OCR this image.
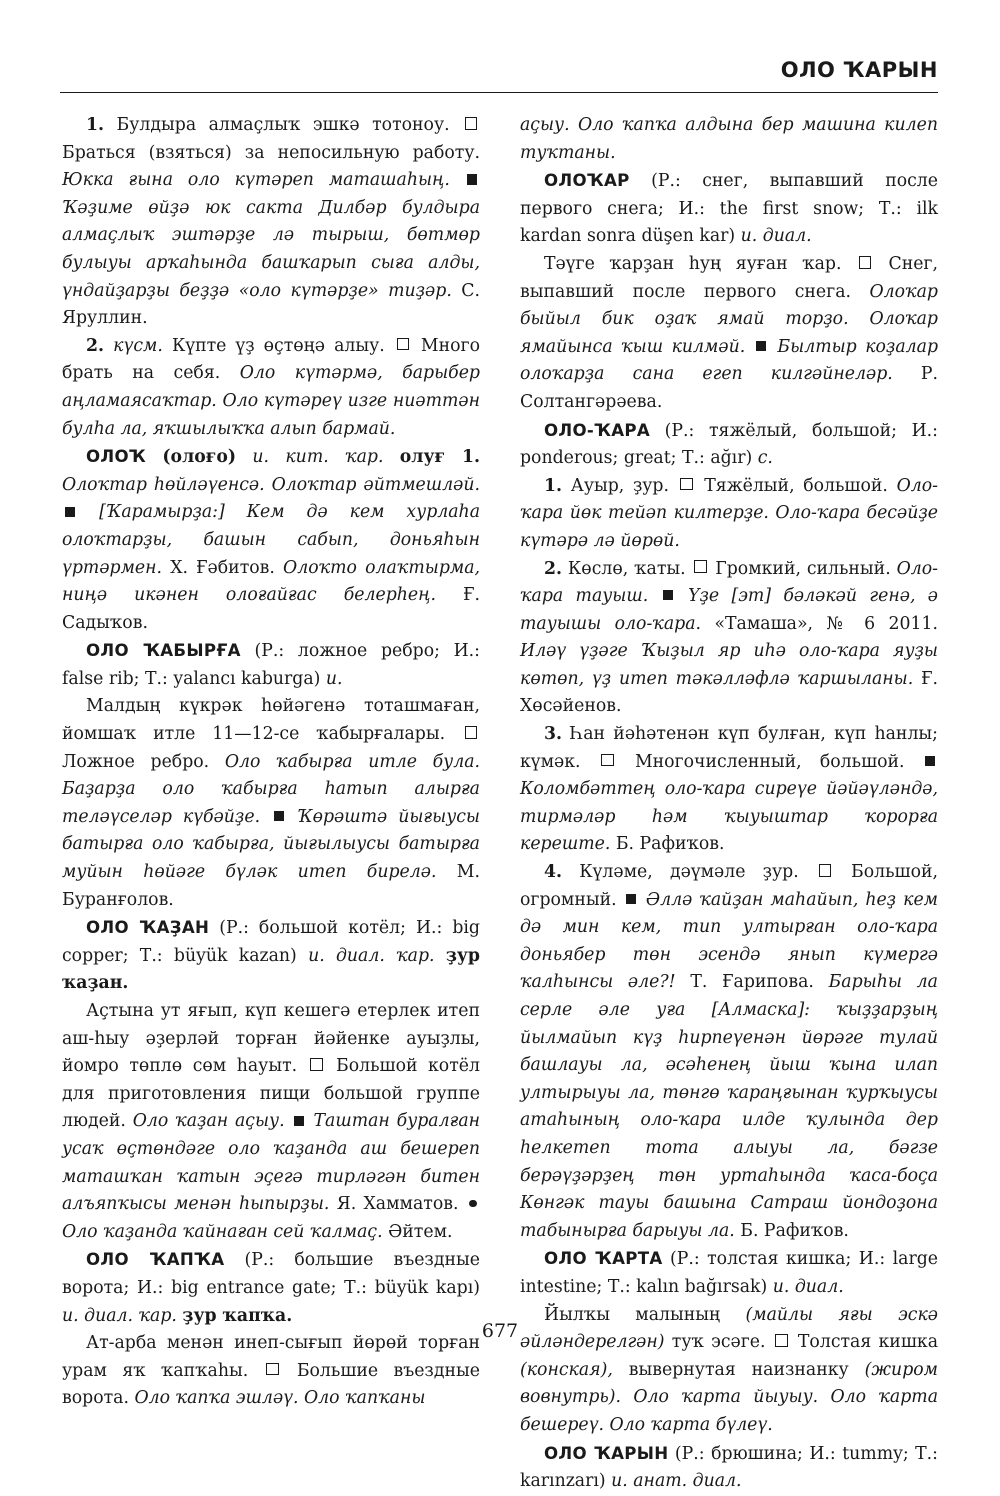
ОЛО ҠАРЫН

1. Булдыра алмаҫлыҡ эшкә тотоноу.  Браться (взяться) за непосильную работу. Юкка ғына оло күтәреп маташаһың.  Ҡәҙиме өйҙә юк сакта Дилбәр булдыра алмаҫлыҡ эштәрҙе лә тырыш, бөтмөр булыуы арҡаһында башҡарып сыға алды, үндайҙарҙы беҙҙә «оло күтәрҙе» тиҙәр. С. Яруллин.

2. күсм. Күпте үҙ өҫтөңә алыу. Много брать на себя. Оло күтәрмә, барыбер аңламаясаҡтар. Оло күтәреү изге ниәттән булһа ла, яҡшылыҡҡа алып бармай.

ОЛОҠ (олоғо) и. кит. ҡар. олуғ 1. Олоҡтар һөйләүенсә. Олоҡтар әйтмешләй.  [Ҡарамырҙа:] Кем дә кем хурлаһа олоҡтарҙы, башын сабып, доньяһын үртәрмен. Х. Ғәбитов. Олоҡто олаҡтырма, ниңә икәнен олоғайғас белерһең. Ғ. Садыҡов.

ОЛО ҠАБЫРҒА (Р.: ложное ребро; И.: false rib; Т.: yalancı kaburga) и.

Малдың күкрәк һөйәгенә тоташмаған, йомшаҡ итле 11—12-се ҡабырғалары.  Ложное ребро. Оло ҡабырға итле була. Баҙарҙа оло ҡабырға һатып алырға теләүселәр күбәйҙе. Ҡөрәштә йығыусы батырға оло ҡабырға, йығылыусы батырға муйын һөйәге бүләк итеп бирелә. М. Буранғолов.

ОЛО ҠАҘАН (Р.: большой котёл; И.: big copper; Т.: büyük kazan) и. диал. ҡар. ҙур ҡаҙан.

Аҫтына ут яғып, күп кешегә етерлек итеп аш-һыу әҙерләй торған йәйенке ауыҙлы, йомро төплө сөм һауыт. Большой котёл для приготовления пищи большой группе людей. Оло ҡаҙан аҫыу. Таштан буралған усаҡ өҫтөндәге оло ҡаҙанда аш бешереп маташҡан ҡатын эҫегә тирләгән битен алъяпҡысы менән һыпырҙы. Я. Хамматов.  Оло ҡаҙанда ҡайнаған сей ҡалмаҫ. Әйтем.

ОЛО ҠАПҠА (Р.: большие въездные ворота; И.: big entrance gate; Т.: büyük kapı) и. диал. ҡар. ҙур ҡапҡа.

Ат-арба менән инеп-сығып йөрөй торған урам яҡ ҡапҡаһы.	Большие въездные ворота. Оло ҡапҡа эшләү. Оло ҡапҡаны

аҫыу. Оло ҡапҡа алдына бер машина килеп туҡтаны.

ОЛОҠАР (Р.: снег, выпавший после первого снега; И.: the first snow; Т.: ilk kardan sonra düşen kar) и. диал.

Тәүге ҡарҙан һуң яуған ҡар.	Снег, выпавший после первого снега. Олоҡар быйыл бик оҙаҡ ямай торҙо. Олоҡар ямайынса ҡыш килмәй. Былтыр коҙалар олоҡарҙа сана егеп килгәйнеләр. Р. Солтангәрәева.

ОЛО-ҠАРА (Р.: тяжёлый, большой; И.: ponderous; great; Т.: ağır) с.

1. Ауыр, ҙур. Тяжёлый, большой. Оло-ҡара йөк тейәп килтерҙе. Оло-ҡара бесәйҙе күтәрә лә йөрөй.

2. Көслө, ҡаты. Громкий, сильный. Оло-ҡара тауыш. Үҙе [эт] бәләкәй генә, ә тауышы оло-ҡара. «Тамаша», № 6 2011. Иләү үҙәге Ҡыҙыл яр иһә оло-ҡара яуҙы көтөп, үҙ итеп тәкәлләфлә ҡаршыланы. Ғ. Хөсәйенов.

3. Һан йәһәтенән күп булған, күп һанлы; күмәк.	Многочисленный, большой.  Коломбәттең оло-ҡара сиреүе йәйәүләндә, тирмәләр һәм ҡыуыштар ҡорорға кереште. Б. Рафиҡов.

4. Күләме, дәүмәле ҙур.	Большой, огромный. Әллә ҡайҙан маһайып, һеҙ кем дә мин кем, тип ултырған оло-ҡара доньябер төн эсендә янып күмергә ҡалһынсы әле?! Т. Ғарипова. Барыһы ла серле әле уға [Алмаска]: ҡыҙҙарҙың йылмайып күҙ һирпеүенән йөрәге тулай башлауы ла, әсәһенең йыш ҡына илап ултырыуы ла, төнгө ҡараңғынан ҡурҡыусы атаһының оло-ҡара илде ҡулында дер һелкетеп тота алыуы ла, бәгзе берәүҙәрҙең төн уртаһында ҡаса-боҫа Көнгәк тауы башына Сатраш йондоҙона табынырға барыуы ла. Б. Рафиҡов.

ОЛО ҠАРТА (Р.: толстая кишка; И.: large intestine; Т.: kalın bağırsak) и. диал.

Йылҡы малының (майлы яғы эскә әйләндерелгән) туҡ эсәге. Толстая кишка (конская), вывернутая наизнанку (жиром вовнутрь). Оло ҡарта йыуыу. Оло ҡарта бешереү. Оло ҡарта бүлеү.

ОЛО ҠАРЫН (Р.: брюшина; И.: tummy; Т.: karınzarı) и. анат. диал.

677
